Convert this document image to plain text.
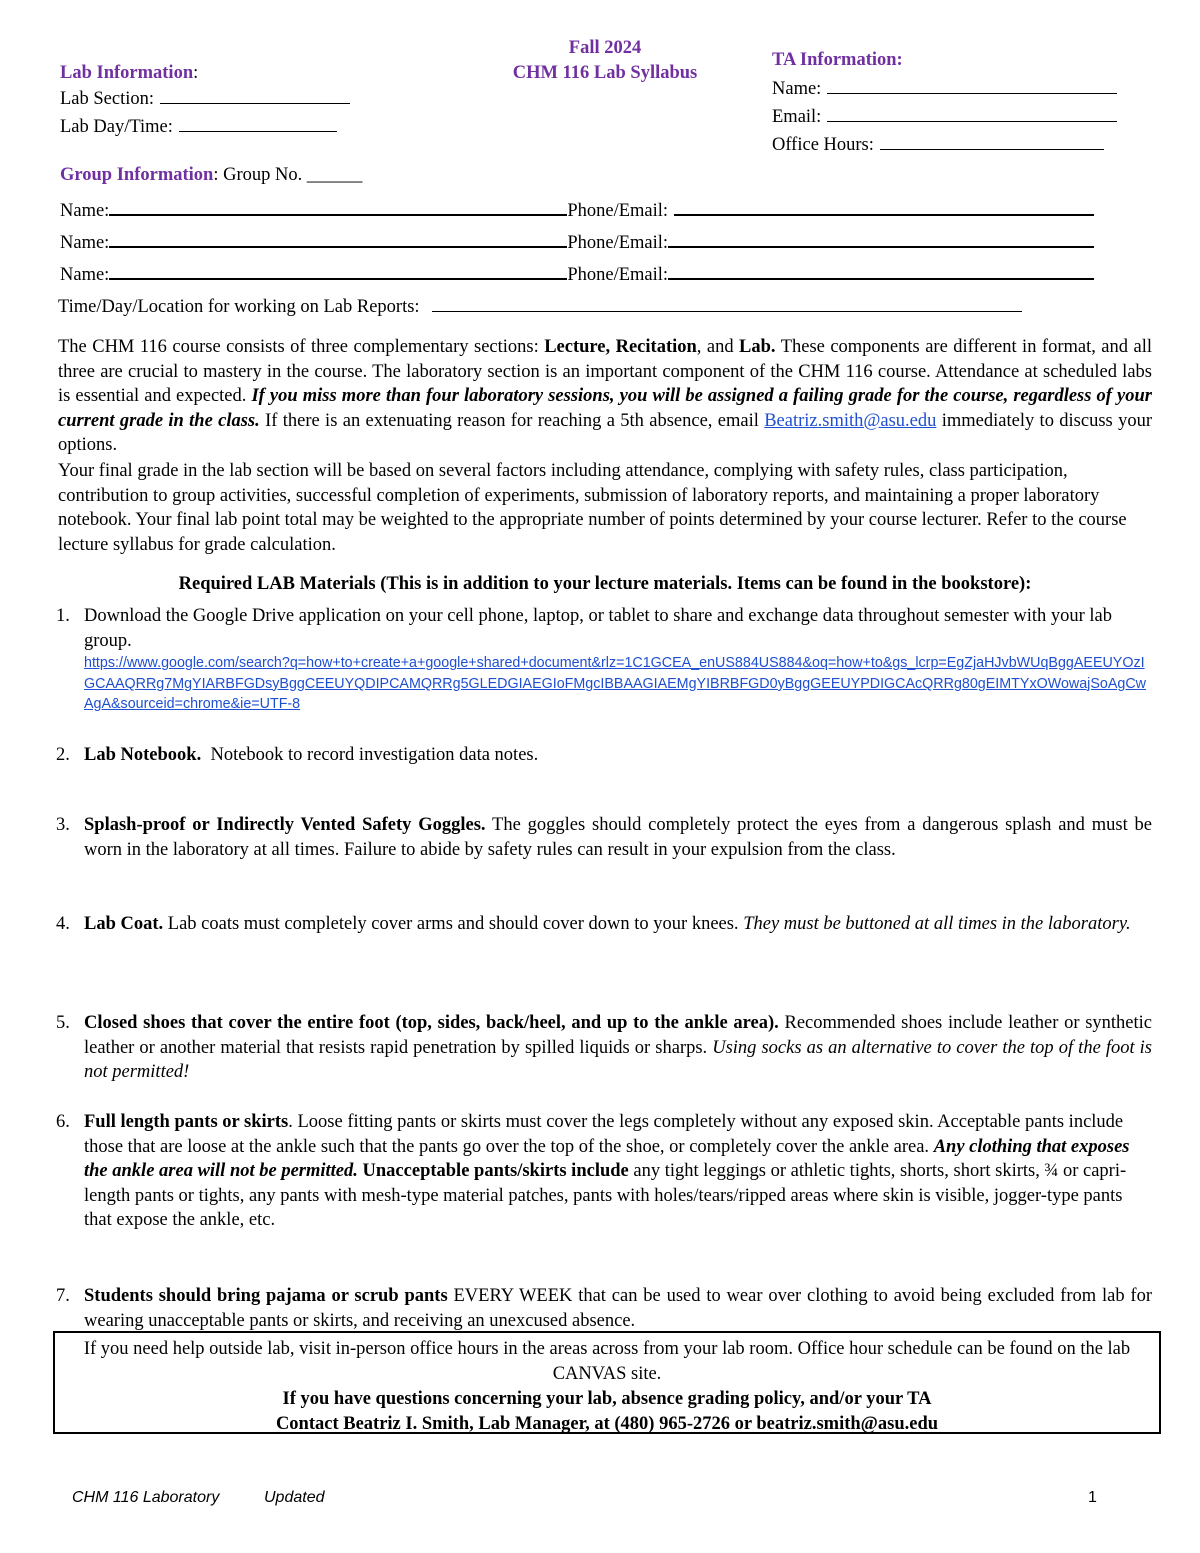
Fall 2024
CHM 116 Lab Syllabus
Lab Information:
Lab Section:
Lab Day/Time:
TA Information:
Name:
Email:
Office Hours:
Group Information: Group No. ______
Name:	Phone/Email:
Name:	Phone/Email:
Name:	Phone/Email:
Time/Day/Location for working on Lab Reports:
The CHM 116 course consists of three complementary sections: Lecture, Recitation, and Lab. These components are different in format, and all three are crucial to mastery in the course. The laboratory section is an important component of the CHM 116 course. Attendance at scheduled labs is essential and expected. If you miss more than four laboratory sessions, you will be assigned a failing grade for the course, regardless of your current grade in the class. If there is an extenuating reason for reaching a 5th absence, email Beatriz.smith@asu.edu immediately to discuss your options.
Your final grade in the lab section will be based on several factors including attendance, complying with safety rules, class participation, contribution to group activities, successful completion of experiments, submission of laboratory reports, and maintaining a proper laboratory notebook. Your final lab point total may be weighted to the appropriate number of points determined by your course lecturer. Refer to the course lecture syllabus for grade calculation.
Required LAB Materials (This is in addition to your lecture materials. Items can be found in the bookstore):
1. Download the Google Drive application on your cell phone, laptop, or tablet to share and exchange data throughout semester with your lab group.
https://www.google.com/search?q=how+to+create+a+google+shared+document&rlz=1C1GCEA_enUS884US884&oq=how+to&gs_lcrp=EgZjaHJvbWUqBggAEEUYOzIGCAAQRRg7MgYIARBFGDsyBggCEEUYQDIPCAMQRRg5GLEDGIAEGIoFMgcIBBAAGIAEMgYIBRBFGD0yBggGEEUYPDIGCAcQRRg80gEIMTYxOWowajSoAgCwAgA&sourceid=chrome&ie=UTF-8
2. Lab Notebook.  Notebook to record investigation data notes.
3. Splash-proof or Indirectly Vented Safety Goggles. The goggles should completely protect the eyes from a dangerous splash and must be worn in the laboratory at all times. Failure to abide by safety rules can result in your expulsion from the class.
4. Lab Coat. Lab coats must completely cover arms and should cover down to your knees. They must be buttoned at all times in the laboratory.
5. Closed shoes that cover the entire foot (top, sides, back/heel, and up to the ankle area). Recommended shoes include leather or synthetic leather or another material that resists rapid penetration by spilled liquids or sharps. Using socks as an alternative to cover the top of the foot is not permitted!
6. Full length pants or skirts. Loose fitting pants or skirts must cover the legs completely without any exposed skin. Acceptable pants include those that are loose at the ankle such that the pants go over the top of the shoe, or completely cover the ankle area. Any clothing that exposes the ankle area will not be permitted. Unacceptable pants/skirts include any tight leggings or athletic tights, shorts, short skirts, ¾ or capri-length pants or tights, any pants with mesh-type material patches, pants with holes/tears/ripped areas where skin is visible, jogger-type pants that expose the ankle, etc.
7. Students should bring pajama or scrub pants EVERY WEEK that can be used to wear over clothing to avoid being excluded from lab for wearing unacceptable pants or skirts, and receiving an unexcused absence.
If you need help outside lab, visit in-person office hours in the areas across from your lab room. Office hour schedule can be found on the lab CANVAS site.
If you have questions concerning your lab, absence grading policy, and/or your TA
Contact Beatriz I. Smith, Lab Manager, at (480) 965-2726 or beatriz.smith@asu.edu
CHM 116 Laboratory	Updated	1
